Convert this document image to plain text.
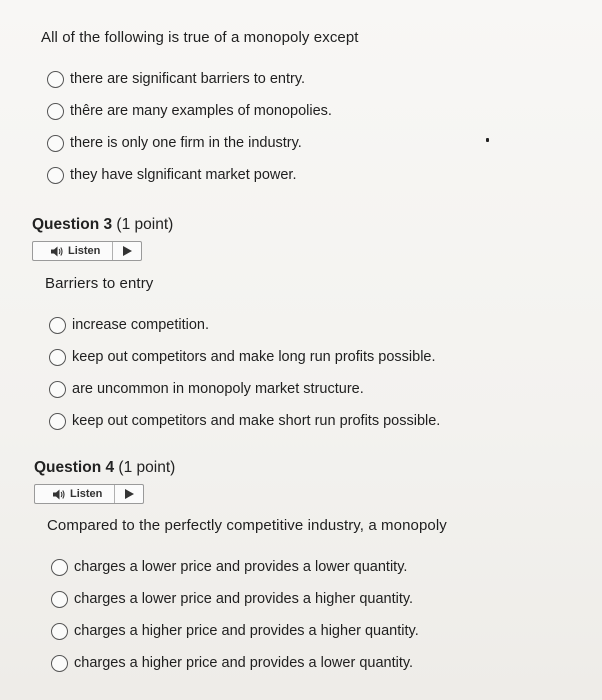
All of the following is true of a monopoly except
there are significant barriers to entry.
thêre are many examples of monopolies.
there is only one firm in the industry.
they have slgnificant market power.
Question 3 (1 point)
Listen
Barriers to entry
increase competition.
keep out competitors and make long run profits possible.
are uncommon in monopoly market structure.
keep out competitors and make short run profits possible.
Question 4 (1 point)
Listen
Compared to the perfectly competitive industry, a monopoly
charges a lower price and provides a lower quantity.
charges a lower price and provides a higher quantity.
charges a higher price and provides a higher quantity.
charges a higher price and provides a lower quantity.
